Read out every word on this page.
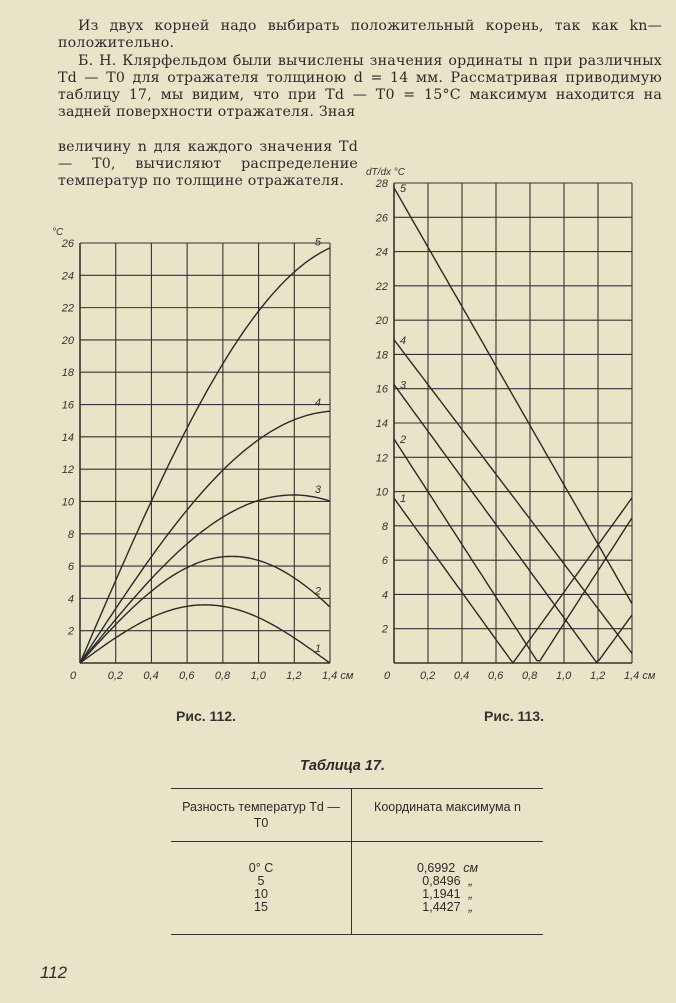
Из двух корней надо выбирать положительный корень, так как kn—положительно.

Б. Н. Клярфельдом были вычислены значения ординаты n при различных Td — T0 для отражателя толщиною d = 14 мм. Рассматривая приводимую таблицу 17, мы видим, что при Td — T0 = 15°C максимум находится на задней поверхности отражателя. Зная

величину n для каждого значения Td — T0, вычисляют распределение температур по толщине отражателя.

0	0,2 0,4 0,6 0,8 1,0 1,2 1,4 см
2
4
6
8
10
12
14
16
18
20
22
24
26
°C
1
2
3
4
5
Рис. 112.
0	0,2 0,4 0,6 0,8 1,0 1,2 1,4 см
2
4
6
8
10
12
14
16
18
20
22
24
26
28
dT/dx °C
1
2
3
4
5
Рис. 113.
Таблица 17.
Разность температур Td — T0	Координата максимума n
0° C	0,6992 см
5	0,8496 „
10	1,1941 „
15	1,4427 „
112
